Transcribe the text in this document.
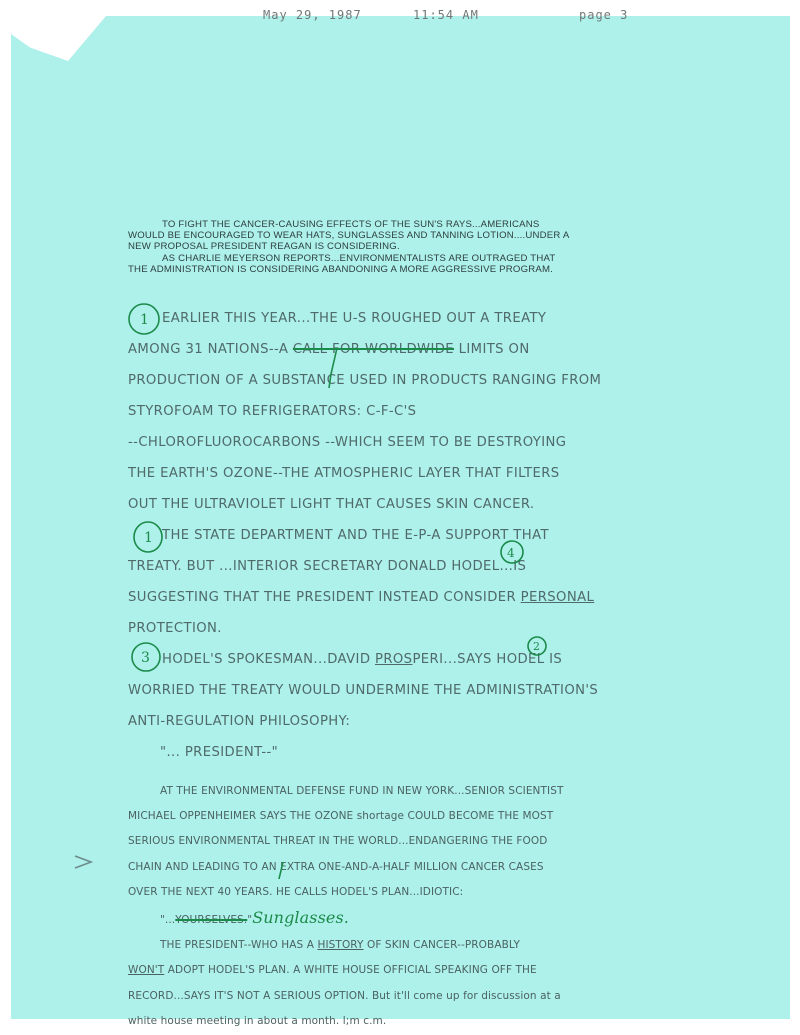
May 29, 1987	11:54 AM	page 3

TO FIGHT THE CANCER-CAUSING EFFECTS OF THE SUN'S RAYS...AMERICANS

WOULD BE ENCOURAGED TO WEAR HATS, SUNGLASSES AND TANNING LOTION....UNDER A

NEW PROPOSAL PRESIDENT REAGAN IS CONSIDERING.

AS CHARLIE MEYERSON REPORTS...ENVIRONMENTALISTS ARE OUTRAGED THAT

THE ADMINISTRATION IS CONSIDERING ABANDONING A MORE AGGRESSIVE PROGRAM.

EARLIER THIS YEAR...THE U-S ROUGHED OUT A TREATY

AMONG 31 NATIONS--A CALL FOR WORLDWIDE LIMITS ON

PRODUCTION OF A SUBSTANCE USED IN PRODUCTS RANGING FROM

STYROFOAM TO REFRIGERATORS: C-F-C'S

--CHLOROFLUOROCARBONS --WHICH SEEM TO BE DESTROYING

THE EARTH'S OZONE--THE ATMOSPHERIC LAYER THAT FILTERS

OUT THE ULTRAVIOLET LIGHT THAT CAUSES SKIN CANCER.

THE STATE DEPARTMENT AND THE E-P-A SUPPORT THAT

TREATY. BUT ...INTERIOR SECRETARY DONALD HODEL...IS

SUGGESTING THAT THE PRESIDENT INSTEAD CONSIDER PERSONAL

PROTECTION.

HODEL'S SPOKESMAN...DAVID PROSPERI...SAYS HODEL IS

WORRIED THE TREATY WOULD UNDERMINE THE ADMINISTRATION'S

ANTI-REGULATION PHILOSOPHY:

"... PRESIDENT--"

AT THE ENVIRONMENTAL DEFENSE FUND IN NEW YORK...SENIOR SCIENTIST

MICHAEL OPPENHEIMER SAYS THE OZONE shortage COULD BECOME THE MOST

SERIOUS ENVIRONMENTAL THREAT IN THE WORLD...ENDANGERING THE FOOD

CHAIN AND LEADING TO AN EXTRA ONE-AND-A-HALF MILLION CANCER CASES

OVER THE NEXT 40 YEARS. HE CALLS HODEL'S PLAN...IDIOTIC:

"...YOURSELVES."Sunglasses.

THE PRESIDENT--WHO HAS A HISTORY OF SKIN CANCER--PROBABLY

WON'T ADOPT HODEL'S PLAN. A WHITE HOUSE OFFICIAL SPEAKING OFF THE

RECORD...SAYS IT'S NOT A SERIOUS OPTION. But it'll come up for discussion at a

white house meeting in about a month. l;m c.m.

1
1
3
4
2
